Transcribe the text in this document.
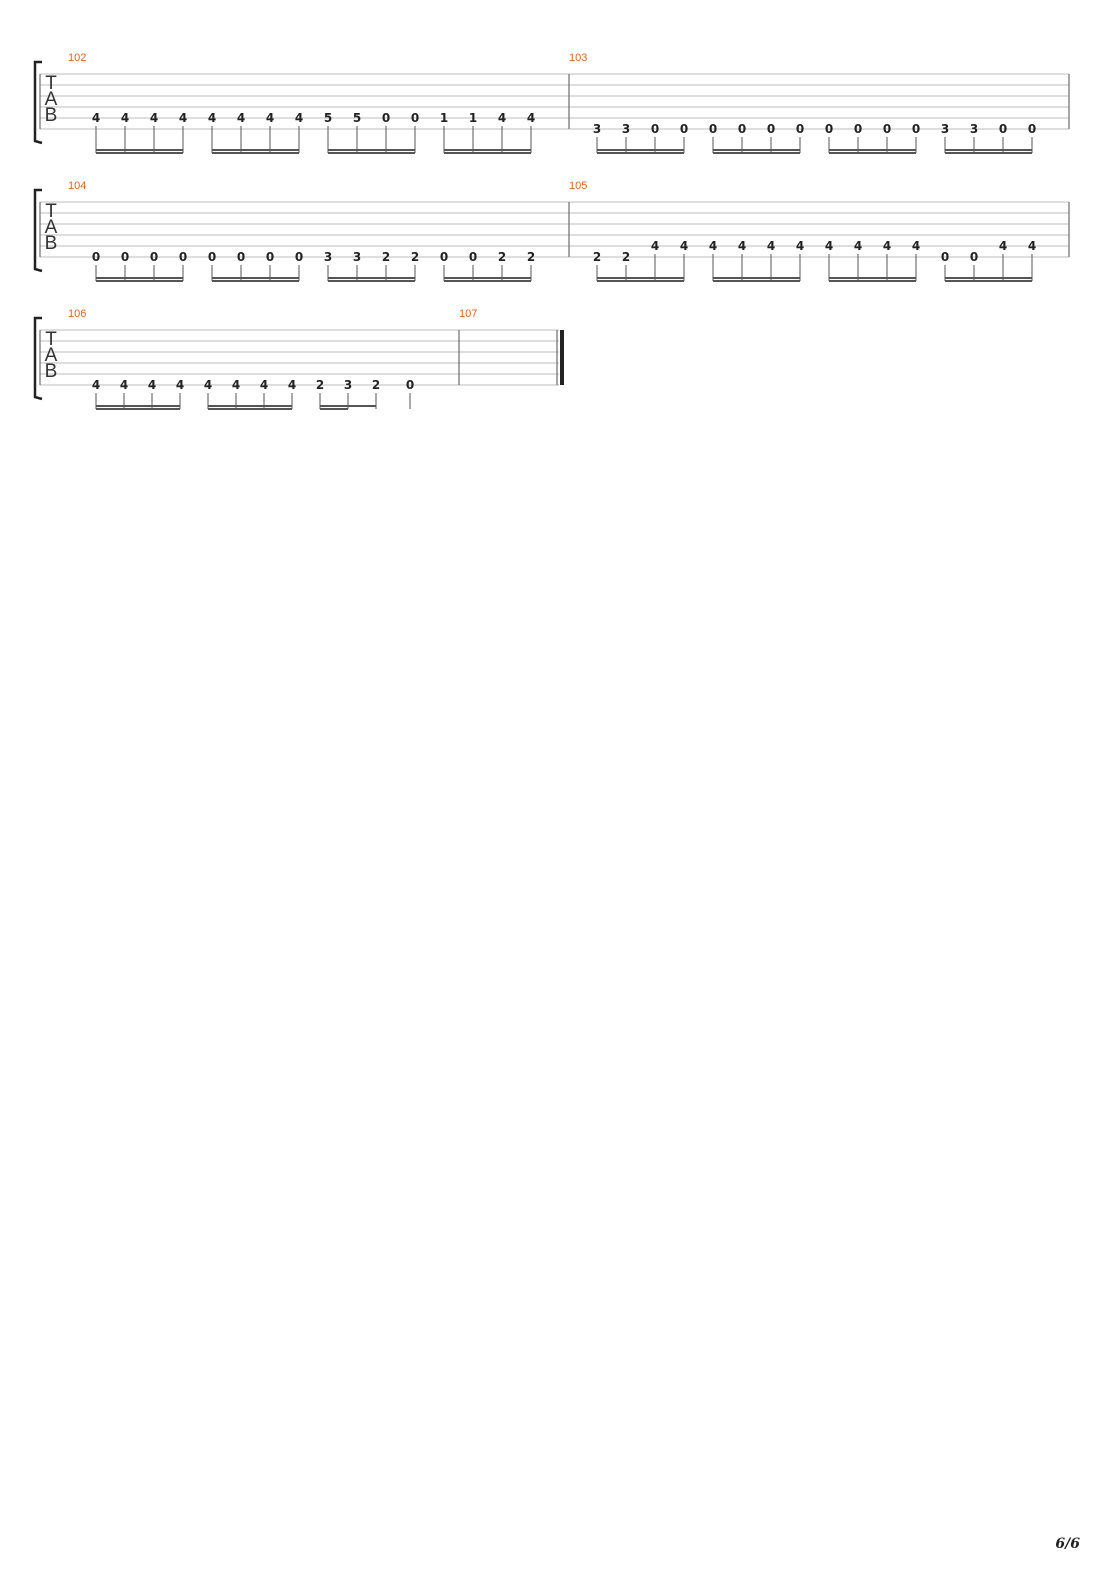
T
A
B
102
4 4 4 4 4 4 4 4 5 5 0 0 1 1 4 4
103
3 3 0 0 0 0 0 0 0 0 0 0 3 3 0 0
T
A
B
104
0 0 0 0 0 0 0 0 3 3 2 2 0 0 2 2
105
2 2
4 4 4 4 4 4 4 4 4 4
0 0
4 4
T
A
B
106
4 4 4 4 4 4 4 4 2 3 2 0
107
6/6
